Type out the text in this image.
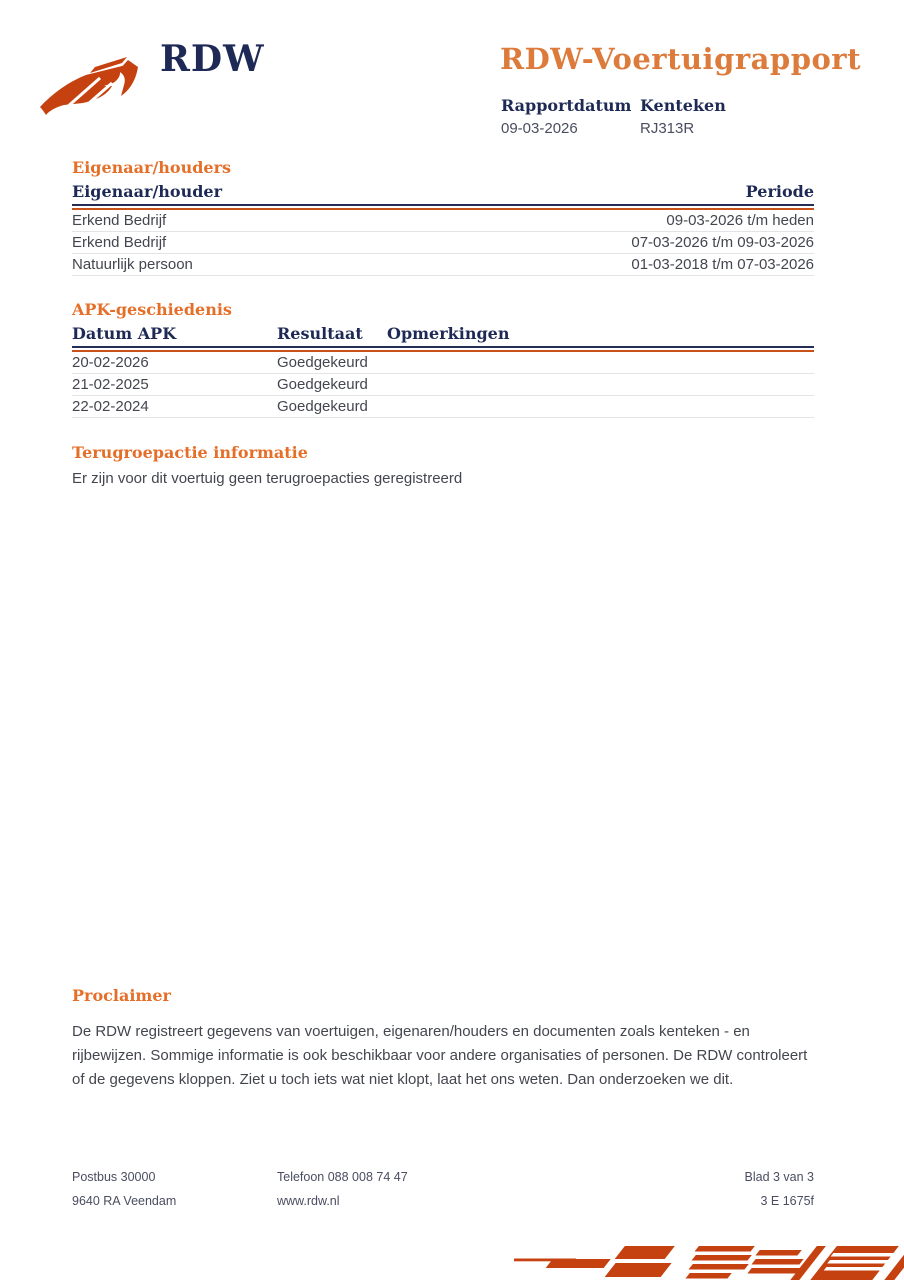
RDW	RDW-Voertuigrapport
Rapportdatum
09-03-2026
Kenteken
RJ313R
Eigenaar/houders
Eigenaar/houder	Periode
Erkend Bedrijf	09-03-2026 t/m heden
Erkend Bedrijf	07-03-2026 t/m 09-03-2026
Natuurlijk persoon	01-03-2018 t/m 07-03-2026
APK-geschiedenis
Datum APK	Resultaat	Opmerkingen
20-02-2026	Goedgekeurd
21-02-2025	Goedgekeurd
22-02-2024	Goedgekeurd
Terugroepactie informatie
Er zijn voor dit voertuig geen terugroepacties geregistreerd
Proclaimer
De RDW registreert gegevens van voertuigen, eigenaren/houders en documenten zoals kenteken - en rijbewijzen. Sommige informatie is ook beschikbaar voor andere organisaties of personen. De RDW controleert of de gegevens kloppen. Ziet u toch iets wat niet klopt, laat het ons weten. Dan onderzoeken we dit.
Postbus 30000
9640 RA Veendam
Telefoon 088 008 74 47
www.rdw.nl
Blad 3 van 3
3 E 1675f
